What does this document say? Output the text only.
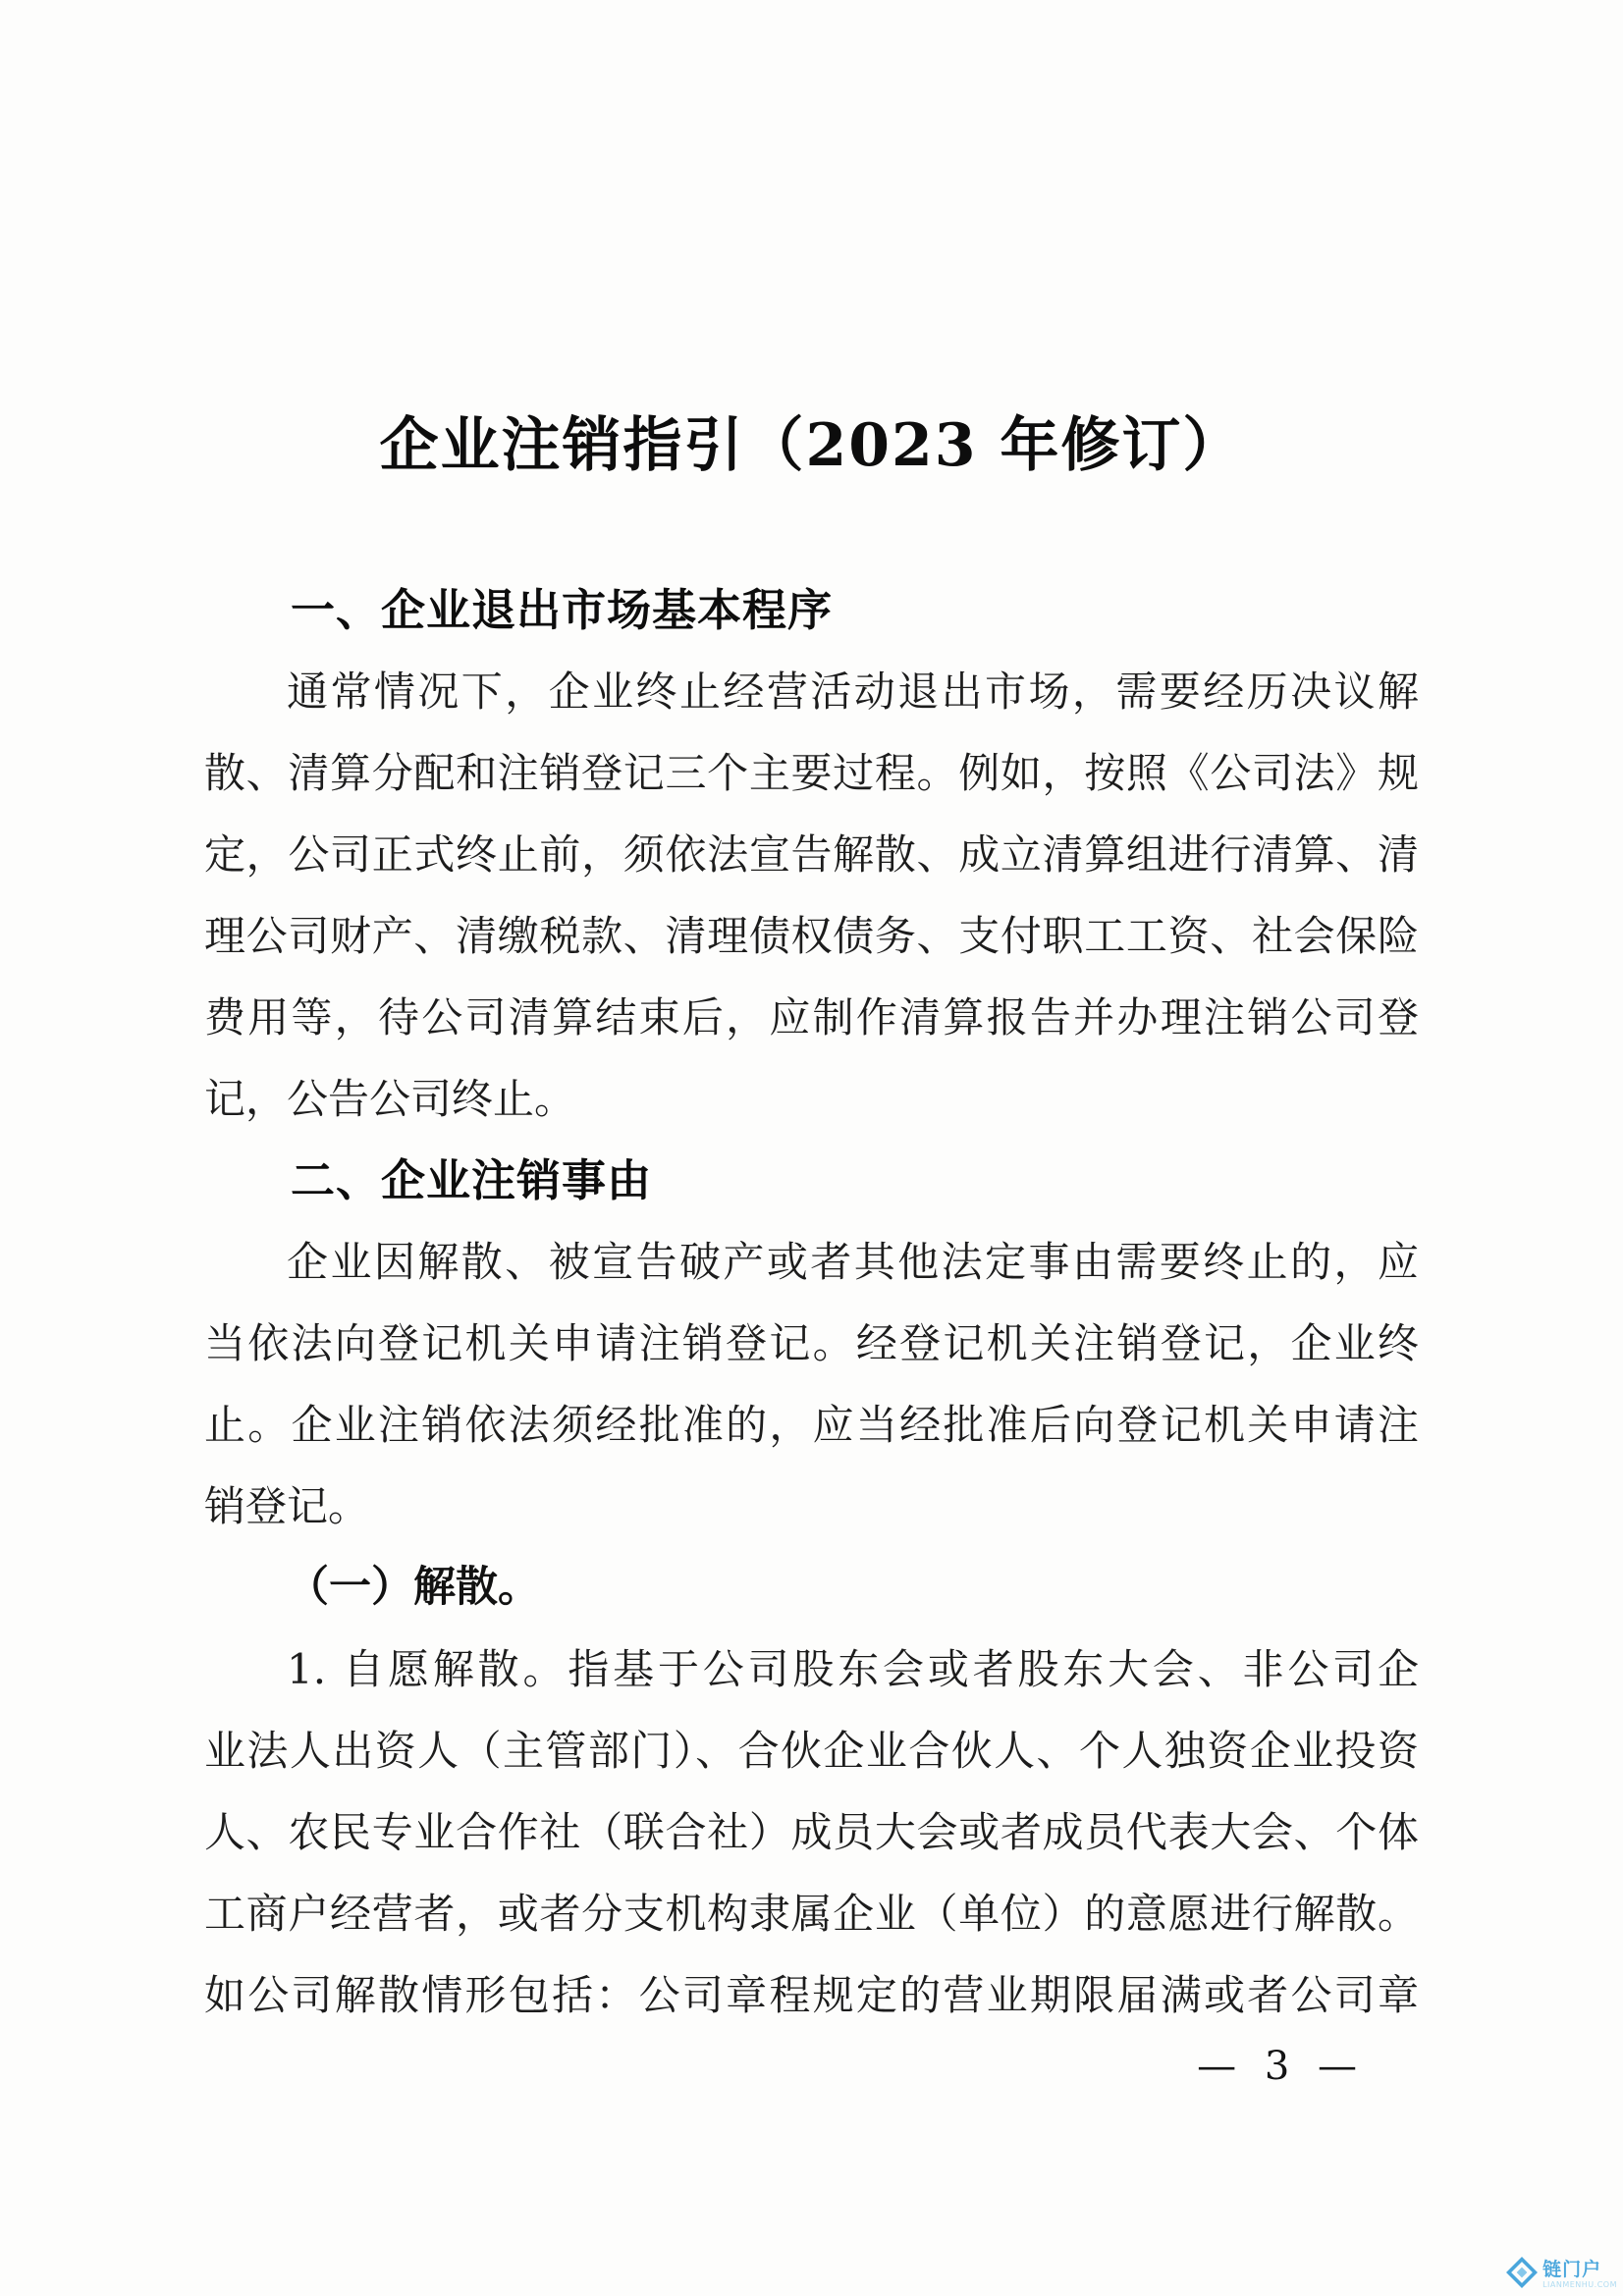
企业注销指引（2023 年修订）
一、企业退出市场基本程序
通常情况下，企业终止经营活动退出市场，需要经历决议解
散、清算分配和注销登记三个主要过程。例如，按照《公司法》规
定，公司正式终止前，须依法宣告解散、成立清算组进行清算、清
理公司财产、清缴税款、清理债权债务、支付职工工资、社会保险
费用等，待公司清算结束后，应制作清算报告并办理注销公司登
记，公告公司终止。
二、企业注销事由
企业因解散、被宣告破产或者其他法定事由需要终止的，应
当依法向登记机关申请注销登记。经登记机关注销登记，企业终
止。企业注销依法须经批准的，应当经批准后向登记机关申请注
销登记。
（一）解散。
1. 自愿解散。指基于公司股东会或者股东大会、非公司企
业法人出资人（主管部门）、合伙企业合伙人、个人独资企业投资
人、农民专业合作社（联合社）成员大会或者成员代表大会、个体
工商户经营者，或者分支机构隶属企业（单位）的意愿进行解散。
如公司解散情形包括：公司章程规定的营业期限届满或者公司章
— 3 —
链门户
LIANMENHU.COM
